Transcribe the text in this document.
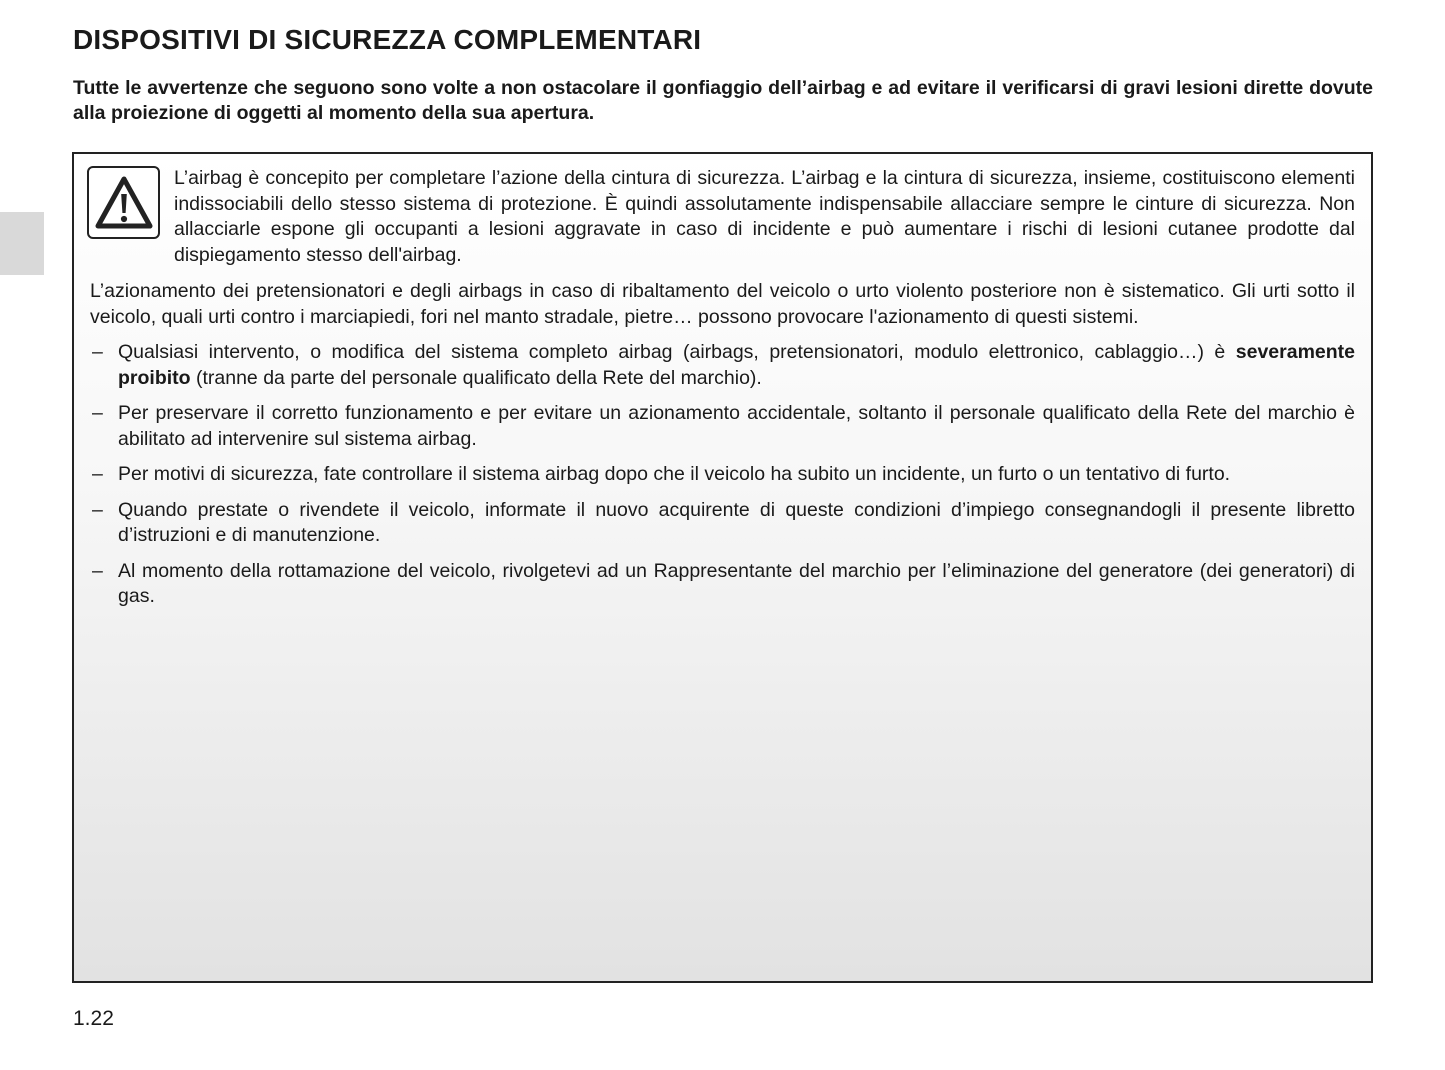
DISPOSITIVI DI SICUREZZA COMPLEMENTARI

Tutte le avvertenze che seguono sono volte a non ostacolare il gonfiaggio dell’airbag e ad evitare il verificarsi di gravi lesioni dirette dovute alla proiezione di oggetti al momento della sua apertura.

L’airbag è concepito per completare l’azione della cintura di sicurezza. L’airbag e la cintura di sicurezza, insieme, costituiscono elementi indissociabili dello stesso sistema di protezione. È quindi assolutamente indispensabile allacciare sempre le cinture di sicurezza. Non allacciarle espone gli occupanti a lesioni aggravate in caso di incidente e può aumentare i rischi di lesioni cutanee prodotte dal dispiegamento stesso dell'airbag.

L’azionamento dei pretensionatori e degli airbags in caso di ribaltamento del veicolo o urto violento posteriore non è sistematico. Gli urti sotto il veicolo, quali urti contro i marciapiedi, fori nel manto stradale, pietre… possono provocare l'azionamento di questi sistemi.

– Qualsiasi intervento, o modifica del sistema completo airbag (airbags, pretensionatori, modulo elettronico, cablaggio…) è severamente proibito (tranne da parte del personale qualificato della Rete del marchio).
– Per preservare il corretto funzionamento e per evitare un azionamento accidentale, soltanto il personale qualificato della Rete del marchio è abilitato ad intervenire sul sistema airbag.
– Per motivi di sicurezza, fate controllare il sistema airbag dopo che il veicolo ha subito un incidente, un furto o un tentativo di furto.
– Quando prestate o rivendete il veicolo, informate il nuovo acquirente di queste condizioni d’impiego consegnandogli il presente libretto d’istruzioni e di manutenzione.
– Al momento della rottamazione del veicolo, rivolgetevi ad un Rappresentante del marchio per l’eliminazione del generatore (dei generatori) di gas.
1.22
